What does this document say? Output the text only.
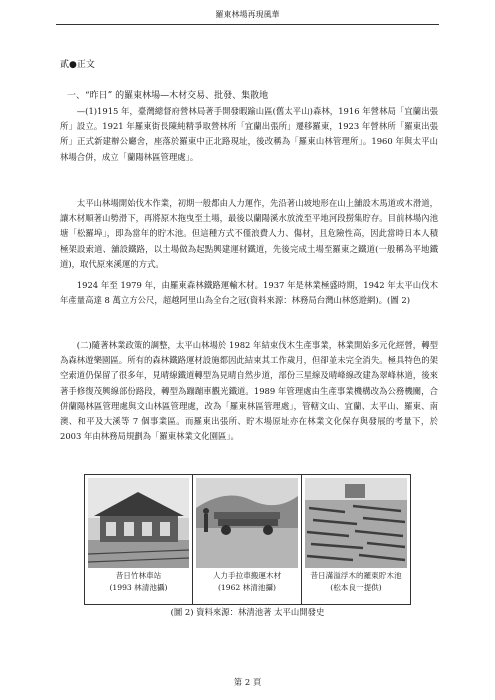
羅東林場再現風華
貳●正文
一、“昨日” 的羅東林場—木材交易、批發、集散地

—(1)1915 年，臺灣總督府營林局著手開發暇踰山區(舊太平山)森林，1916 年營林局「宜蘭出張所」設立。1921 年羅東街長陳純精爭取營林所「宜蘭出張所」遷移羅東，1923 年營林所「羅東出張所」正式新建辦公廳舍，座落於羅東中正北路現址，後改稱為「羅東山林管理所」。1960 年與太平山林場合併，成立「蘭陽林區管理處」。

太平山林場開始伐木作業，初期一般都由人力運作，先沿著山坡地形在山上舖設木馬道或木滑道，讓木材順著山勢滑下，再將原木拖曳至土場，最後以蘭陽溪水放流至平地河段撈集貯存。目前林場內池塘「松羅埠」，即為當年的貯木池。但這種方式不僅浪費人力、傷材，且危險性高，因此當時日本人積極架設索道、舖設鐵路，以土場做為起點興建運材鐵道，先後完成土場至羅東之鐵道(一般稱為平地鐵道)，取代原來溪運的方式。

1924 年至 1979 年，由羅東森林鐵路運輸木材。1937 年是林業極盛時期，1942 年太平山伐木年產量高達 8 萬立方公尺，超越阿里山為全台之冠(資料來源：林務局台灣山林悠遊網)。(圖 2)

(二)隨著林業政策的調整，太平山林場於 1982 年結束伐木生產事業，林業開始多元化經營，轉型為森林遊樂園區。所有的森林鐵路運材設施都因此結束其工作歲月，但卻並未完全消失。極具特色的架空索道仍保留了很多年，見晴線鐵道轉型為見晴自然步道，部份三星線及晴峰線改建為翠峰林道，後來著手修復茂興線部份路段，轉型為蹦蹦車觀光鐵道。1989 年管理處由生產事業機構改為公務機關，合併蘭陽林區管理處與文山林區管理處，改為「羅東林區管理處」，管轄文山、宜蘭、太平山、羅東、南澳、和平及大溪等 7 個事業區。而羅東出張所、貯木場原址亦在林業文化保存與發展的考量下，於 2003 年由林務局規劃為「羅東林業文化園區」。

昔日竹林車站
(1993 林清池攝)
人力手拉車搬運木材
(1962 林清池攝)
昔日滿溢浮木的羅東貯木池
(松本良一提供)
(圖 2) 資料來源：林清池著 太平山開發史
第 2 頁
